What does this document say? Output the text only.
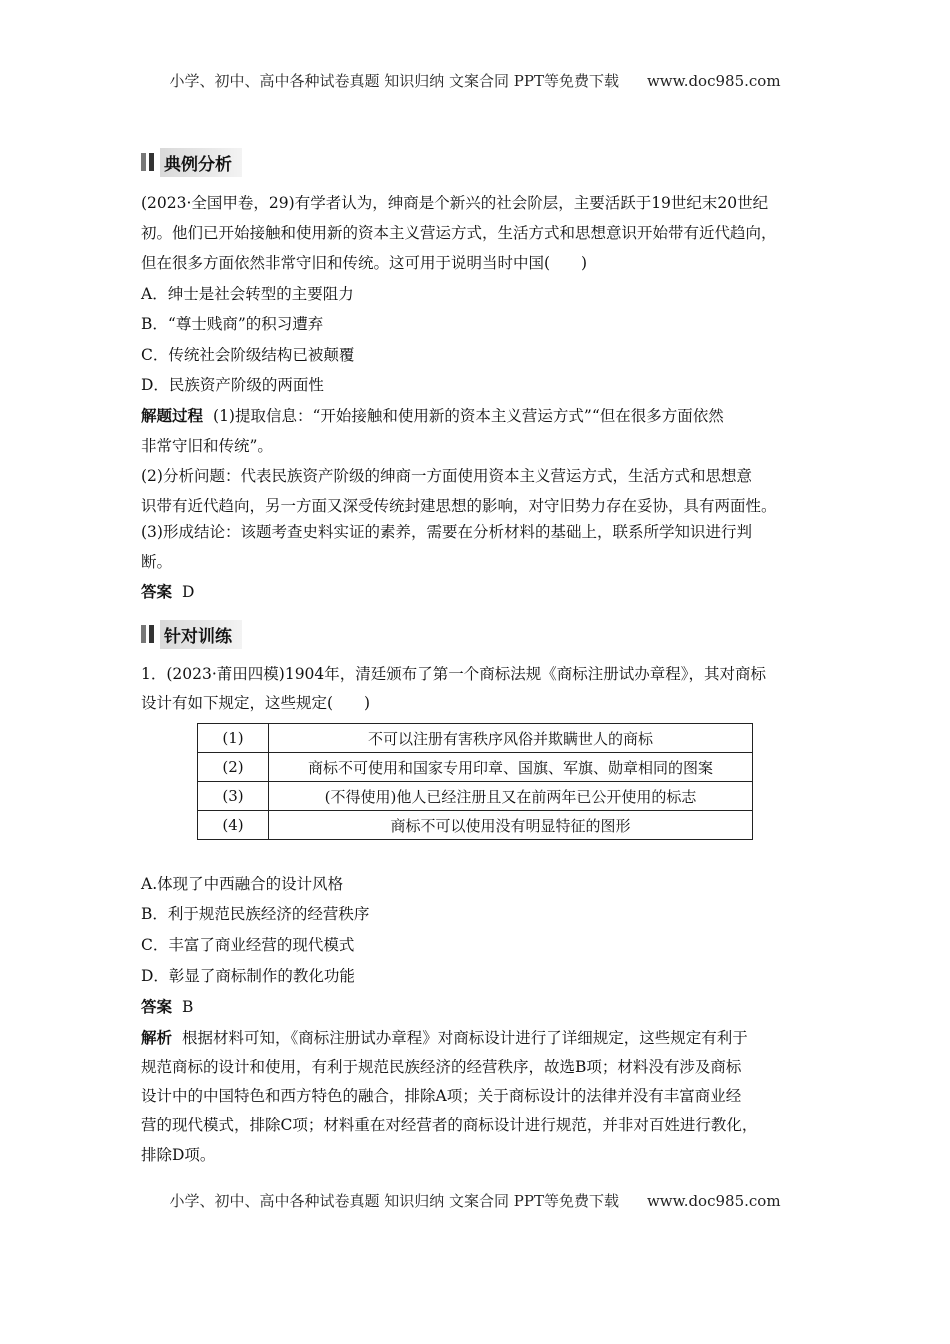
小学、初中、高中各种试卷真题 知识归纳 文案合同 PPT等免费下载 www.doc985.com
典例分析
(2023·全国甲卷，29)有学者认为，绅商是个新兴的社会阶层，主要活跃于19世纪末20世纪
初。他们已开始接触和使用新的资本主义营运方式，生活方式和思想意识开始带有近代趋向，
但在很多方面依然非常守旧和传统。这可用于说明当时中国(　　)
A．绅士是社会转型的主要阻力
B．“尊士贱商”的积习遭弃
C．传统社会阶级结构已被颠覆
D．民族资产阶级的两面性
解题过程 (1)提取信息：“开始接触和使用新的资本主义营运方式”“但在很多方面依然
非常守旧和传统”。
(2)分析问题：代表民族资产阶级的绅商一方面使用资本主义营运方式，生活方式和思想意
识带有近代趋向，另一方面又深受传统封建思想的影响，对守旧势力存在妥协，具有两面性。
(3)形成结论：该题考查史料实证的素养，需要在分析材料的基础上，联系所学知识进行判
断。
答案 D
针对训练
1．(2023·莆田四模)1904年，清廷颁布了第一个商标法规《商标注册试办章程》，其对商标
设计有如下规定，这些规定(　　)
(1)	不可以注册有害秩序风俗并欺瞒世人的商标
(2)	商标不可使用和国家专用印章、国旗、军旗、勋章相同的图案
(3)	(不得使用)他人已经注册且又在前两年已公开使用的标志
(4)	商标不可以使用没有明显特征的图形
A.体现了中西融合的设计风格
B．利于规范民族经济的经营秩序
C．丰富了商业经营的现代模式
D．彰显了商标制作的教化功能
答案 B
解析 根据材料可知，《商标注册试办章程》对商标设计进行了详细规定，这些规定有利于
规范商标的设计和使用，有利于规范民族经济的经营秩序，故选B项；材料没有涉及商标
设计中的中国特色和西方特色的融合，排除A项；关于商标设计的法律并没有丰富商业经
营的现代模式，排除C项；材料重在对经营者的商标设计进行规范，并非对百姓进行教化，
排除D项。
小学、初中、高中各种试卷真题 知识归纳 文案合同 PPT等免费下载 www.doc985.com
